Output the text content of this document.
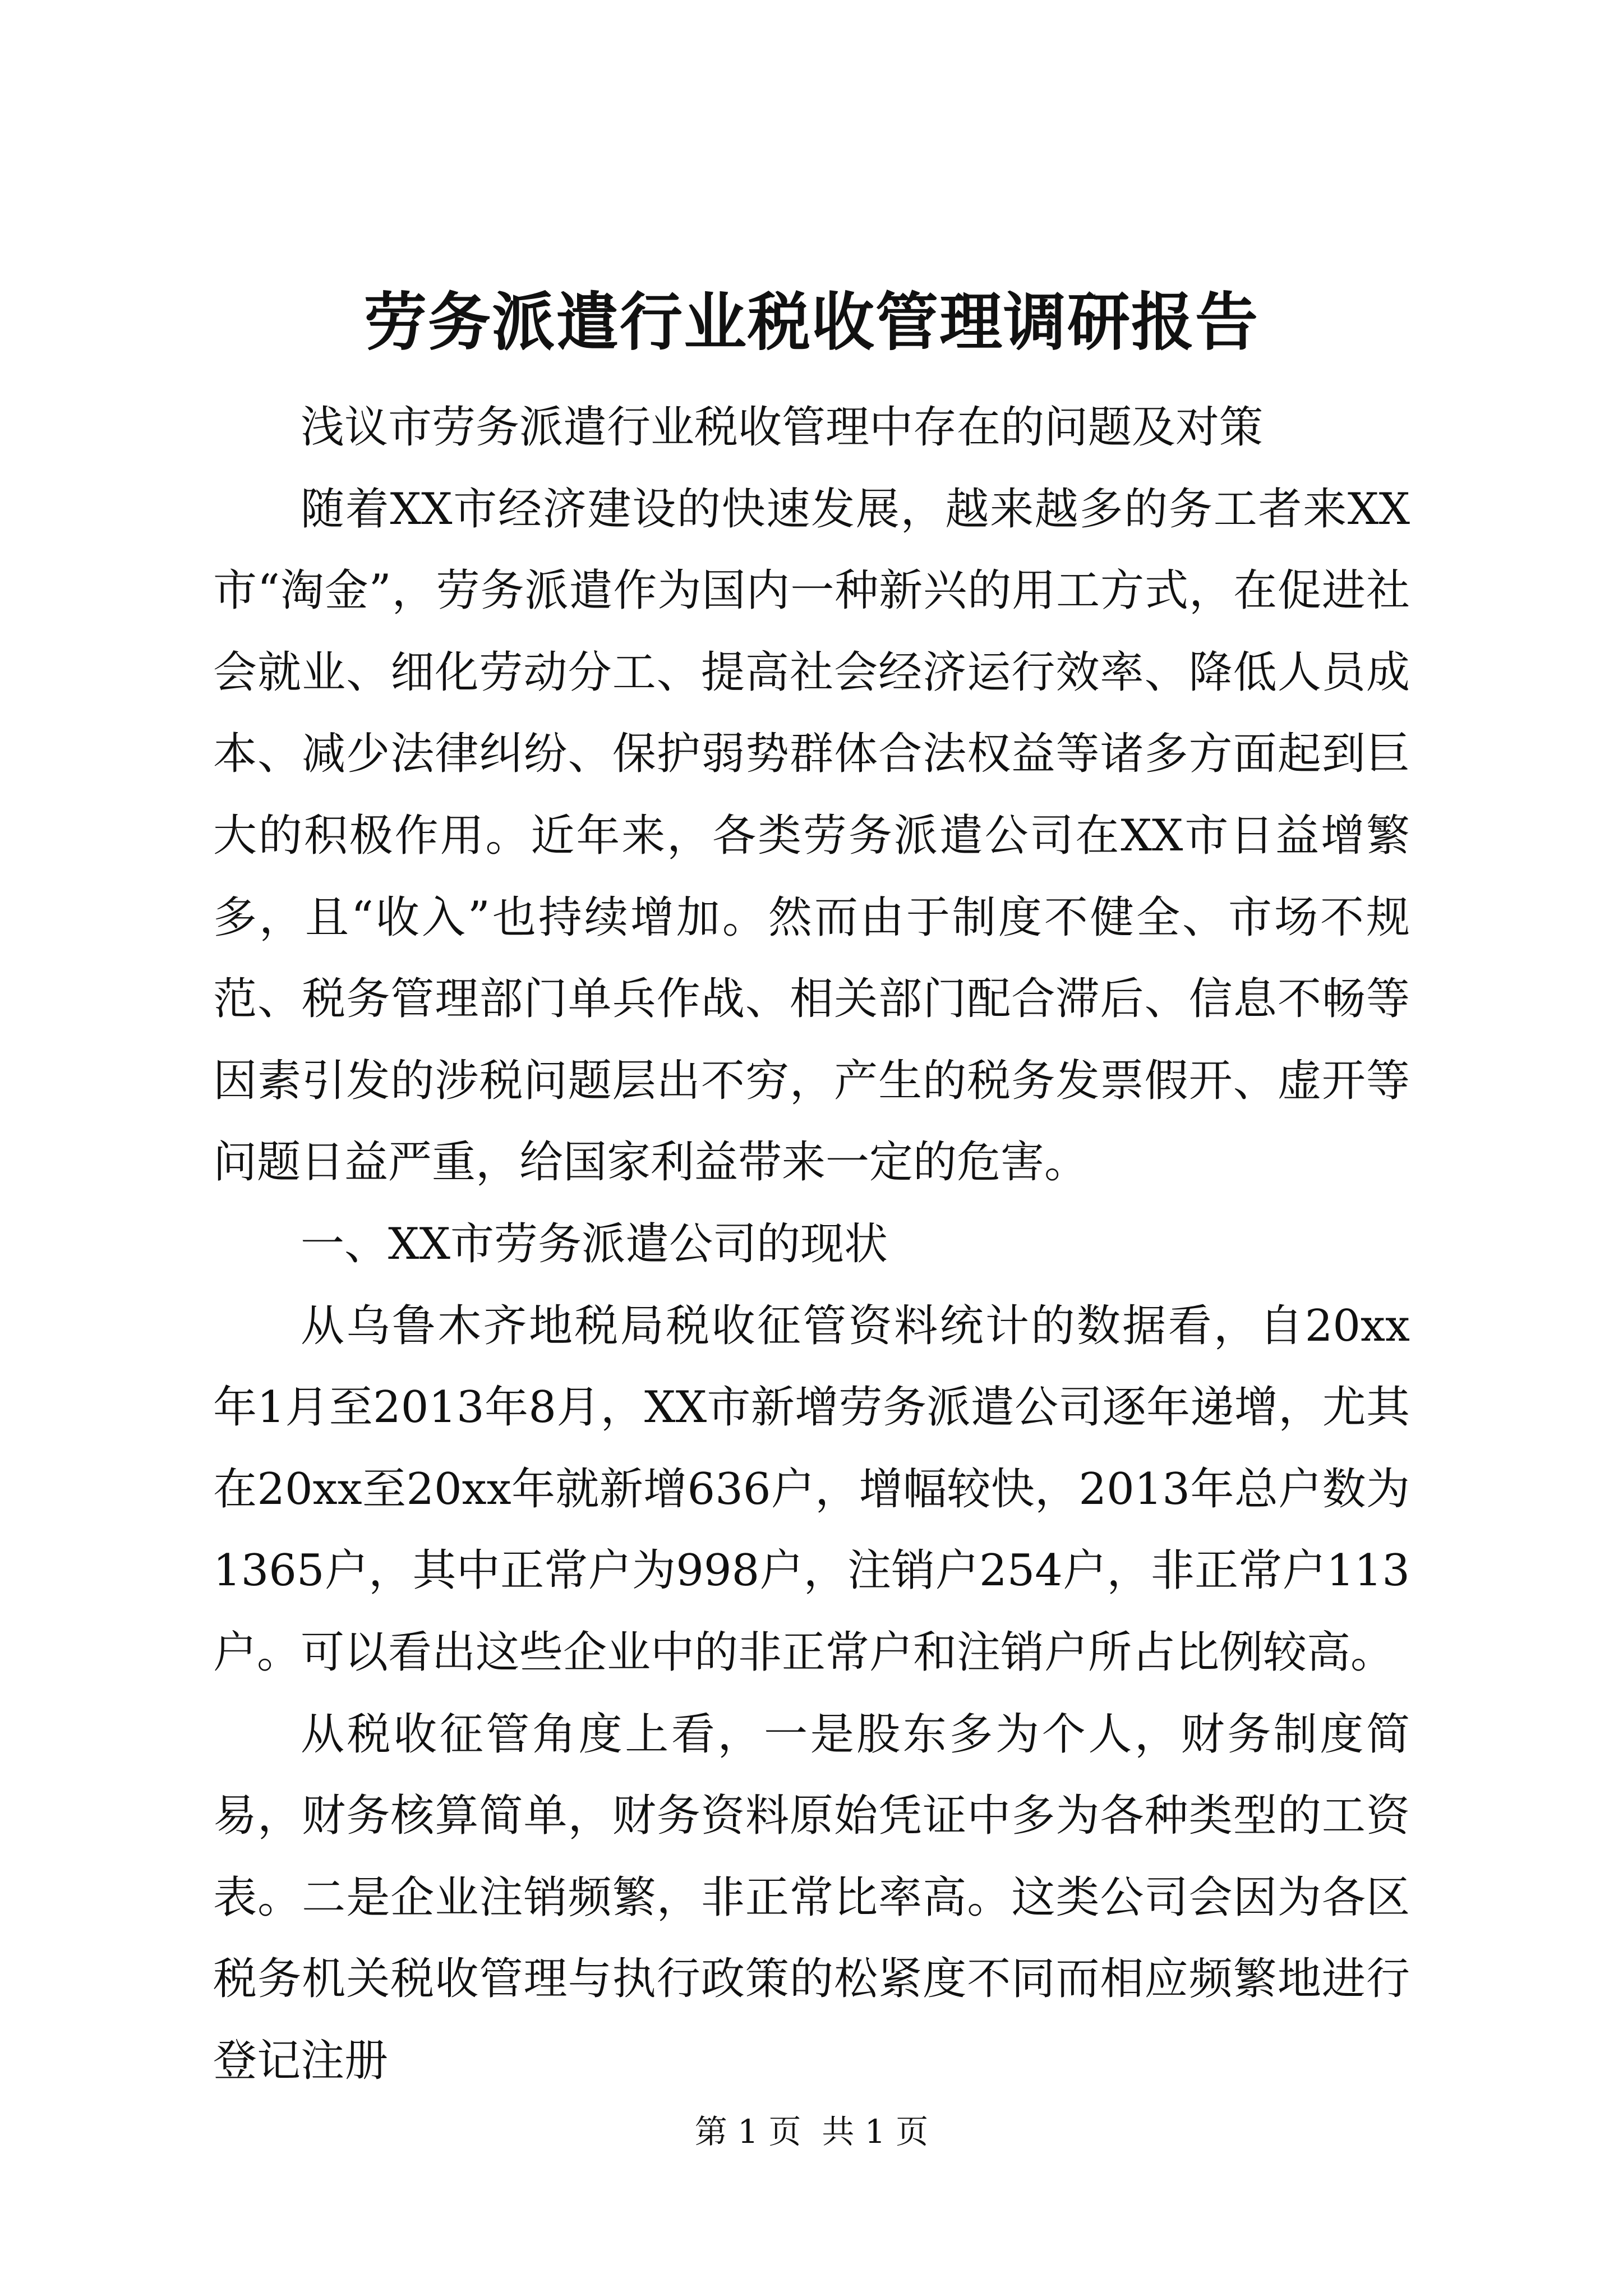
劳务派遣行业税收管理调研报告

浅议市劳务派遣行业税收管理中存在的问题及对策

随着XX市经济建设的快速发展，越来越多的务工者来XX市“淘金”，劳务派遣作为国内一种新兴的用工方式，在促进社会就业、细化劳动分工、提高社会经济运行效率、降低人员成本、减少法律纠纷、保护弱势群体合法权益等诸多方面起到巨大的积极作用。近年来，各类劳务派遣公司在XX市日益增繁多，且“收入”也持续增加。然而由于制度不健全、市场不规范、税务管理部门单兵作战、相关部门配合滞后、信息不畅等因素引发的涉税问题层出不穷，产生的税务发票假开、虚开等问题日益严重，给国家利益带来一定的危害。

一、XX市劳务派遣公司的现状

从乌鲁木齐地税局税收征管资料统计的数据看，自20xx年1月至2013年8月，XX市新增劳务派遣公司逐年递增，尤其在20xx至20xx年就新增636户，增幅较快，2013年总户数为1365户，其中正常户为998户，注销户254户，非正常户113户。可以看出这些企业中的非正常户和注销户所占比例较高。

从税收征管角度上看，一是股东多为个人，财务制度简易，财务核算简单，财务资料原始凭证中多为各种类型的工资表。二是企业注销频繁，非正常比率高。这类公司会因为各区税务机关税收管理与执行政策的松紧度不同而相应频繁地进行登记注册

第 1 页  共 1 页
